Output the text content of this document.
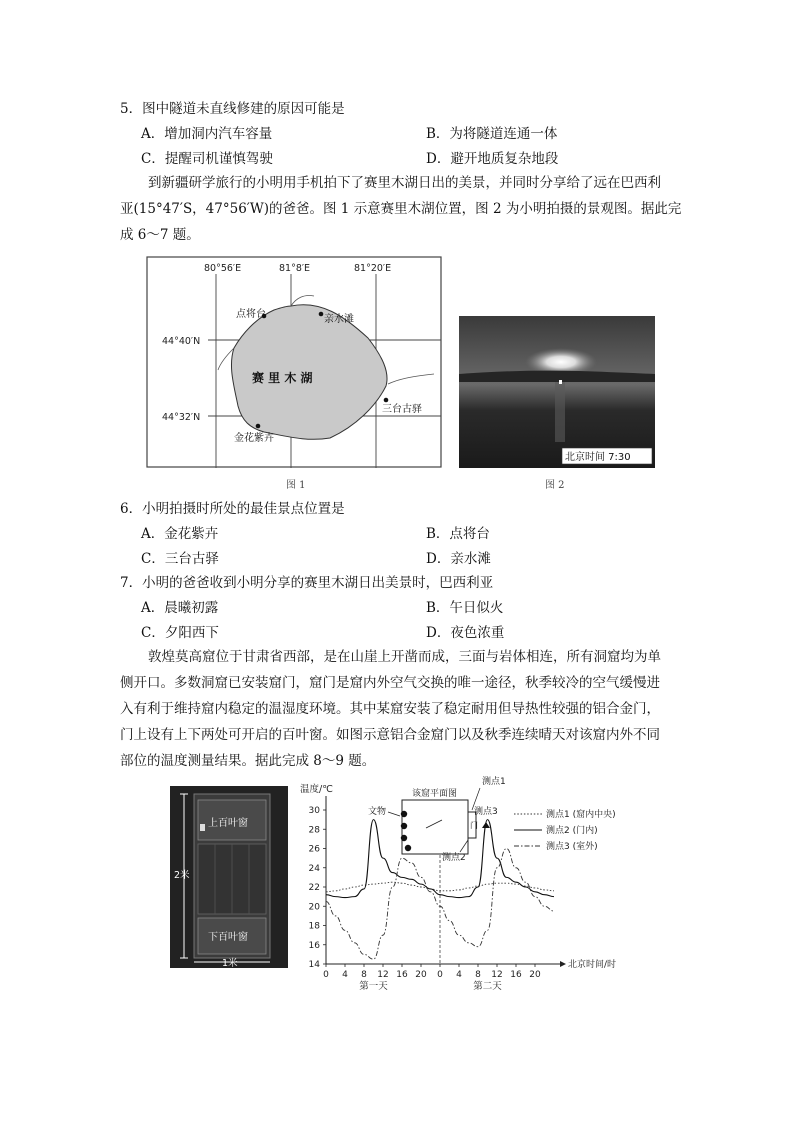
5．图中隧道未直线修建的原因可能是
A．增加洞内汽车容量	B．为将隧道连通一体
C．提醒司机谨慎驾驶	D．避开地质复杂地段
到新疆研学旅行的小明用手机拍下了赛里木湖日出的美景，并同时分享给了远在巴西利
亚(15°47′S，47°56′W)的爸爸。图 1 示意赛里木湖位置，图 2 为小明拍摄的景观图。据此完
成 6～7 题。
80°56′E	81°8′E	81°20′E
44°40′N
44°32′N
赛 里 木 湖
点将台	亲水滩
三台古驿
金花紫卉
图 1
北京时间 7:30
图 2
6．小明拍摄时所处的最佳景点位置是
A．金花紫卉	B．点将台
C．三台古驿	D．亲水滩
7．小明的爸爸收到小明分享的赛里木湖日出美景时，巴西利亚
A．晨曦初露	B．午日似火
C．夕阳西下	D．夜色浓重
敦煌莫高窟位于甘肃省西部，是在山崖上开凿而成，三面与岩体相连，所有洞窟均为单
侧开口。多数洞窟已安装窟门，窟门是窟内外空气交换的唯一途径，秋季较冷的空气缓慢进
入有利于维持窟内稳定的温湿度环境。其中某窟安装了稳定耐用但导热性较强的铝合金门，
门上设有上下两处可开启的百叶窗。如图示意铝合金窟门以及秋季连续晴天对该窟内外不同
部位的温度测量结果。据此完成 8～9 题。
上百叶窗
下百叶窗
2米
1米
温度/℃
14
16
18
20
22
24
26
28
30
北京时间/时
0 4 8 12 16 20 0 4 8 12 16 20
第一天	第二天
该窟平面图
文物
门
测点1
测点2
测点3	测点1 (窟内中央)
测点2 (门内)
测点3 (室外)
